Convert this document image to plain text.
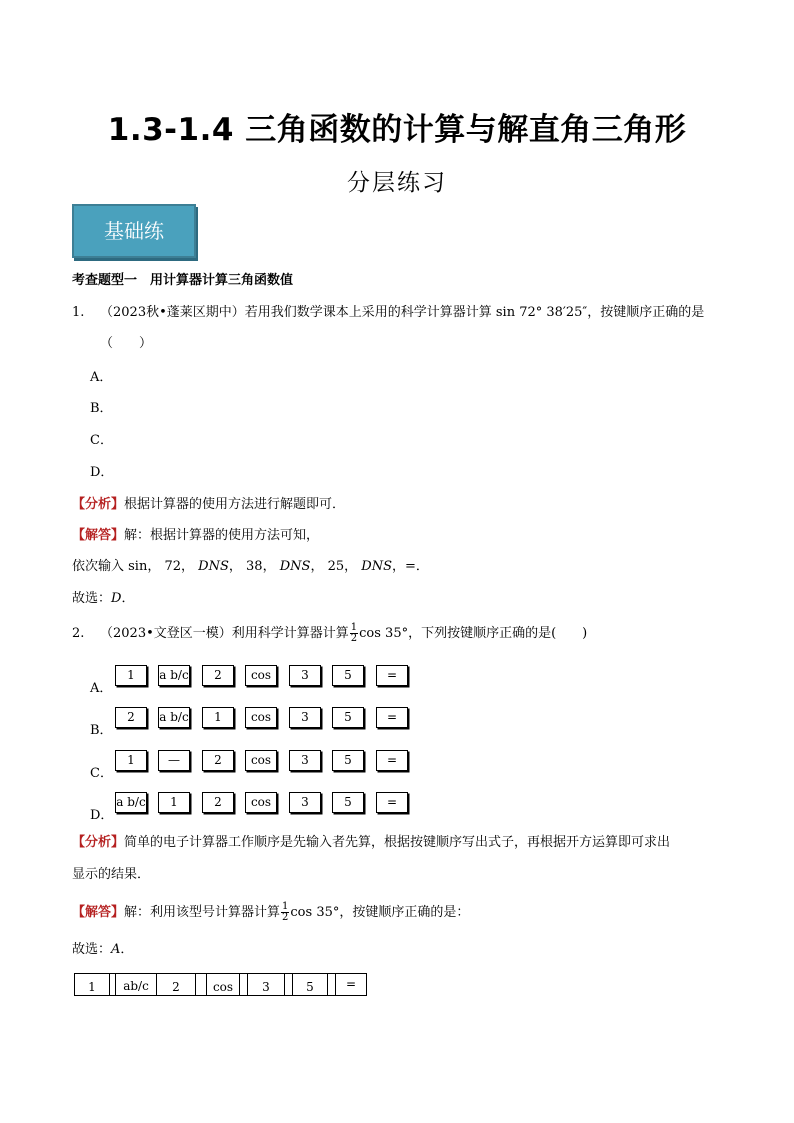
1.3-1.4 三角函数的计算与解直角三角形
分层练习
基础练
考查题型一　用计算器计算三角函数值
1. （2023秋•蓬莱区期中）若用我们数学课本上采用的科学计算器计算 sin 72° 38′25″，按键顺序正确的是
（　　）
A．
B．
C．
D．
【分析】根据计算器的使用方法进行解题即可．
【解答】解：根据计算器的使用方法可知，
依次输入 sin， 72， DNS， 38， DNS， 25， DNS，=．
故选：D．
2. （2023•文登区一模）利用科学计算器计算 $\frac{1}{2}$ cos 35°，下列按键顺序正确的是(　　)
A．
B．
C．
D．
1	a b/c	2	cos	3	5	=
2	a b/c	1	cos	3	5	=
1	—	2	cos	3	5	=
a b/c	1	2	cos	3	5	=
【分析】简单的电子计算器工作顺序是先输入者先算，根据按键顺序写出式子，再根据开方运算即可求出
显示的结果．
【解答】解：利用该型号计算器计算 $\frac{1}{2}$ cos 35°，按键顺序正确的是：
故选：A．
1	ab/c	2	cos	3	5	=
